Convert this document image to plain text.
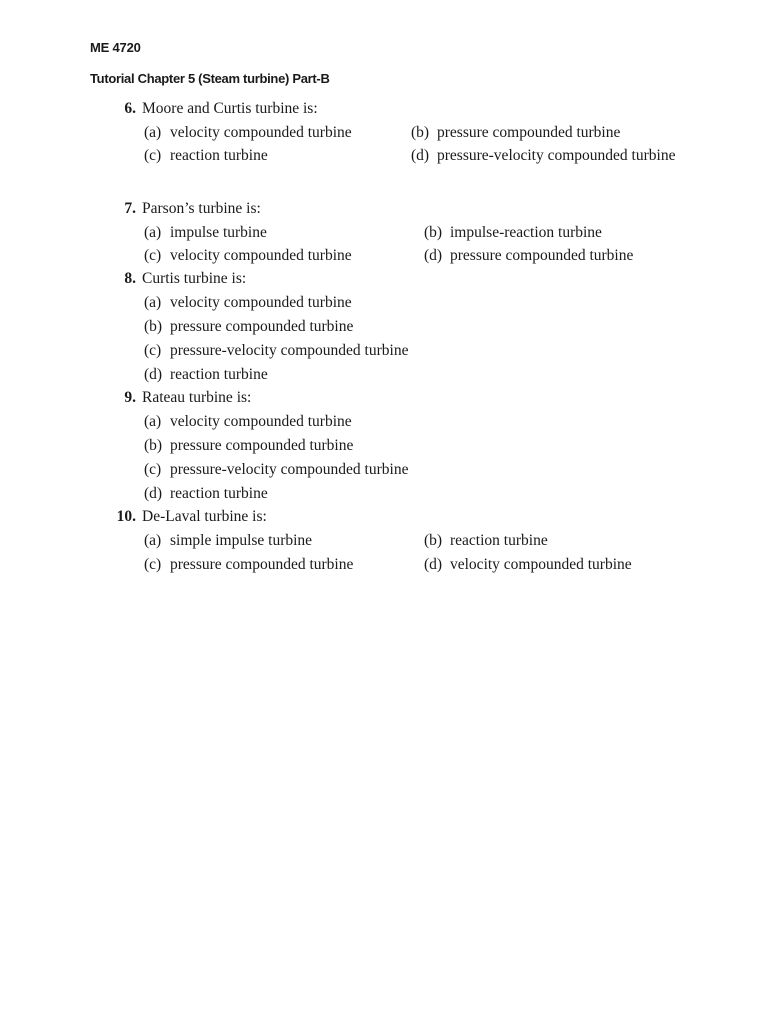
ME 4720
Tutorial Chapter 5 (Steam turbine) Part-B
6. Moore and Curtis turbine is:
(a) velocity compounded turbine	(b) pressure compounded turbine
(c) reaction turbine	(d) pressure-velocity compounded turbine
7. Parson’s turbine is:
(a) impulse turbine	(b) impulse-reaction turbine
(c) velocity compounded turbine	(d) pressure compounded turbine
8. Curtis turbine is:
(a) velocity compounded turbine
(b) pressure compounded turbine
(c) pressure-velocity compounded turbine
(d) reaction turbine
9. Rateau turbine is:
(a) velocity compounded turbine
(b) pressure compounded turbine
(c) pressure-velocity compounded turbine
(d) reaction turbine
10. De-Laval turbine is:
(a) simple impulse turbine	(b) reaction turbine
(c) pressure compounded turbine	(d) velocity compounded turbine
